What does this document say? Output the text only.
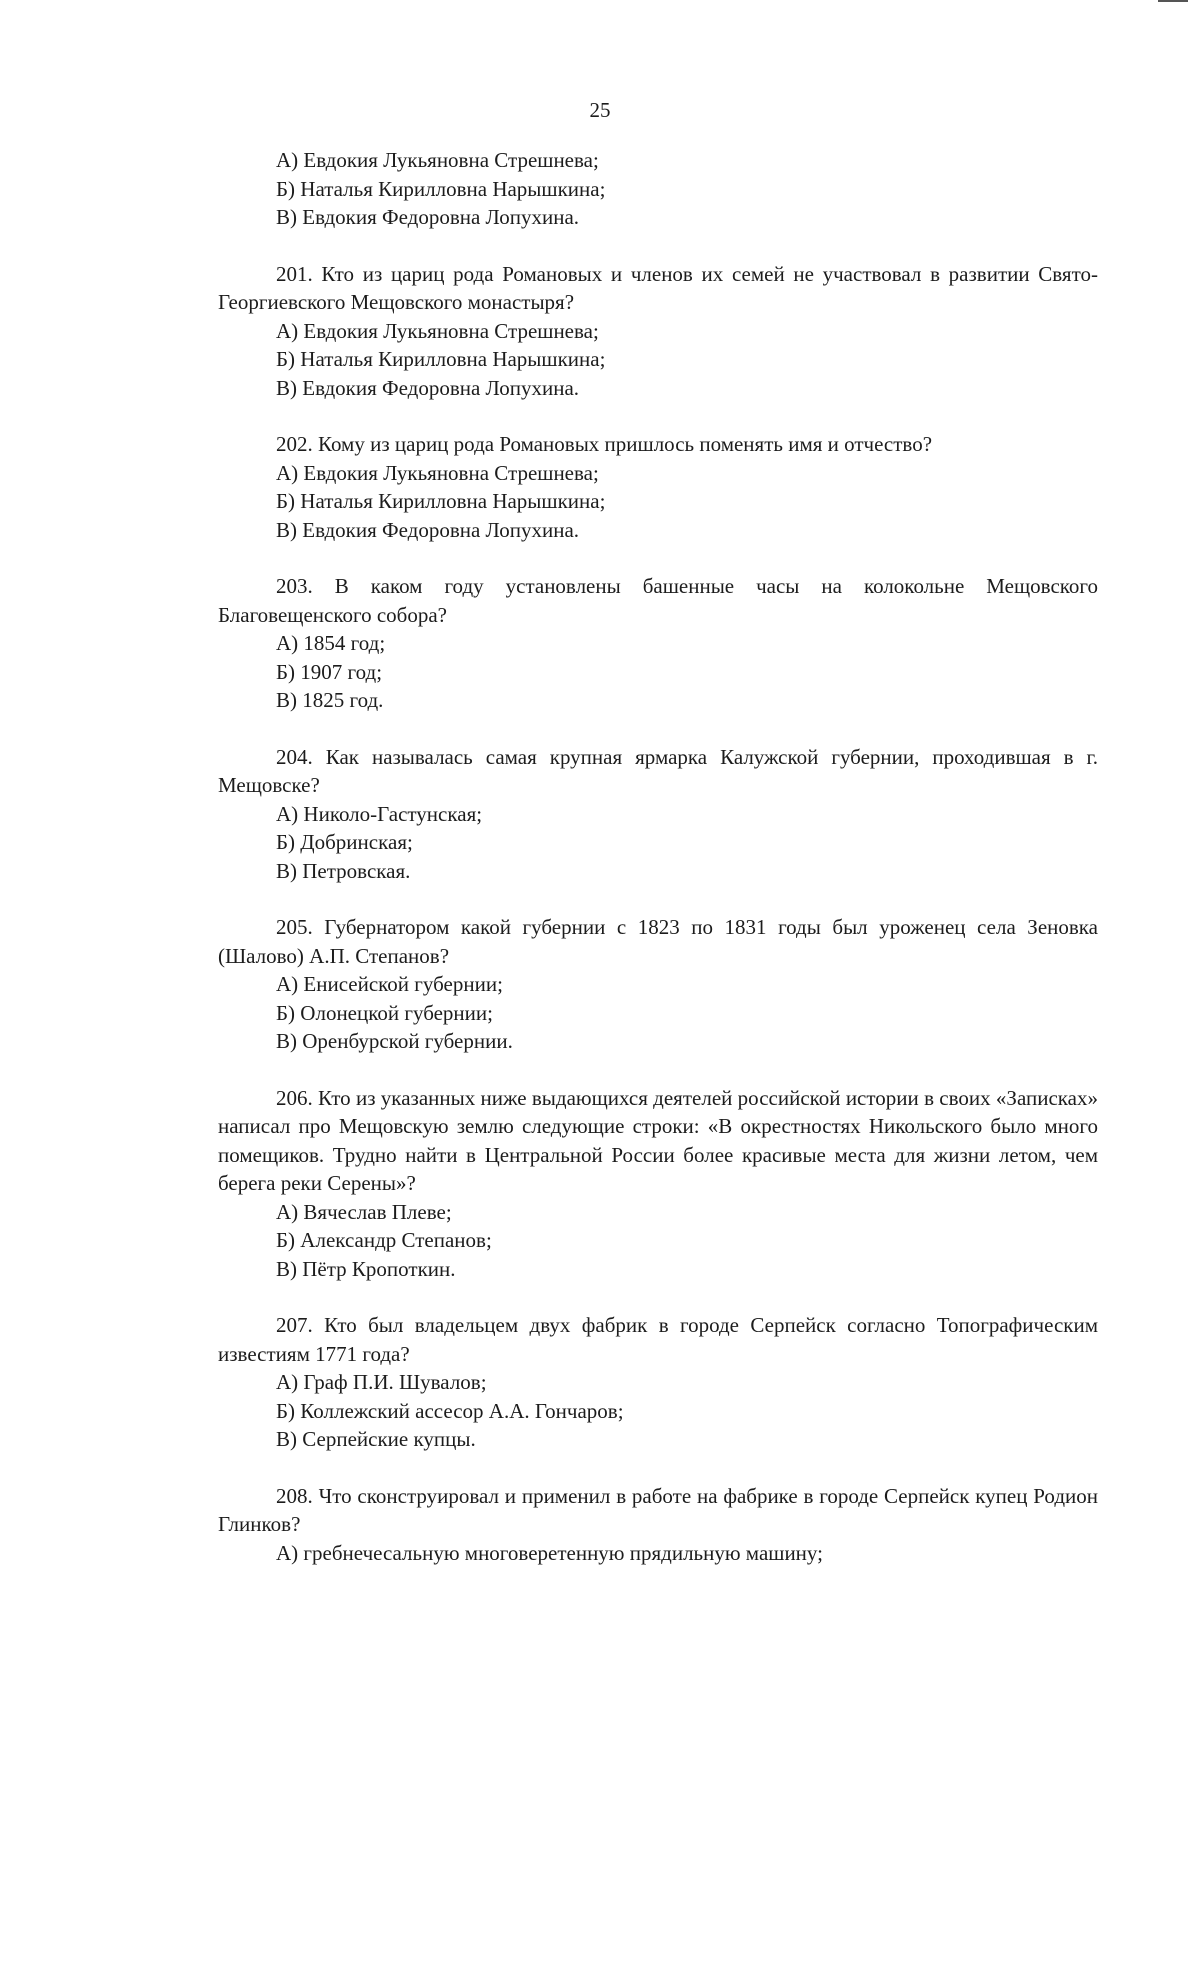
25
А) Евдокия Лукьяновна Стрешнева;
Б) Наталья Кирилловна Нарышкина;
В) Евдокия Федоровна Лопухина.
201. Кто из цариц рода Романовых и членов их семей не участвовал в развитии Свято-Георгиевского Мещовского монастыря?
А) Евдокия Лукьяновна Стрешнева;
Б) Наталья Кирилловна Нарышкина;
В) Евдокия Федоровна Лопухина.
202. Кому из цариц рода Романовых пришлось поменять имя и отчество?
А) Евдокия Лукьяновна Стрешнева;
Б) Наталья Кирилловна Нарышкина;
В) Евдокия Федоровна Лопухина.
203. В каком году установлены башенные часы на колокольне Мещовского Благовещенского собора?
А) 1854 год;
Б) 1907 год;
В) 1825 год.
204. Как называлась самая крупная ярмарка Калужской губернии, проходившая в г. Мещовске?
А) Николо-Гастунская;
Б) Добринская;
В) Петровская.
205. Губернатором какой губернии с 1823 по 1831 годы был уроженец села Зеновка (Шалово) А.П. Степанов?
А) Енисейской губернии;
Б) Олонецкой губернии;
В) Оренбурской губернии.
206. Кто из указанных ниже выдающихся деятелей российской истории в своих «Записках» написал про Мещовскую землю следующие строки: «В окрестностях Никольского было много помещиков. Трудно найти в Центральной России более красивые места для жизни летом, чем берега реки Серены»?
А) Вячеслав Плеве;
Б) Александр Степанов;
В) Пётр Кропоткин.
207. Кто был владельцем двух фабрик в городе Серпейск согласно Топографическим известиям 1771 года?
А) Граф П.И. Шувалов;
Б) Коллежский ассесор А.А. Гончаров;
В) Серпейские купцы.
208. Что сконструировал и применил в работе на фабрике в городе Серпейск купец Родион Глинков?
А) гребнечесальную многоверетенную прядильную машину;
